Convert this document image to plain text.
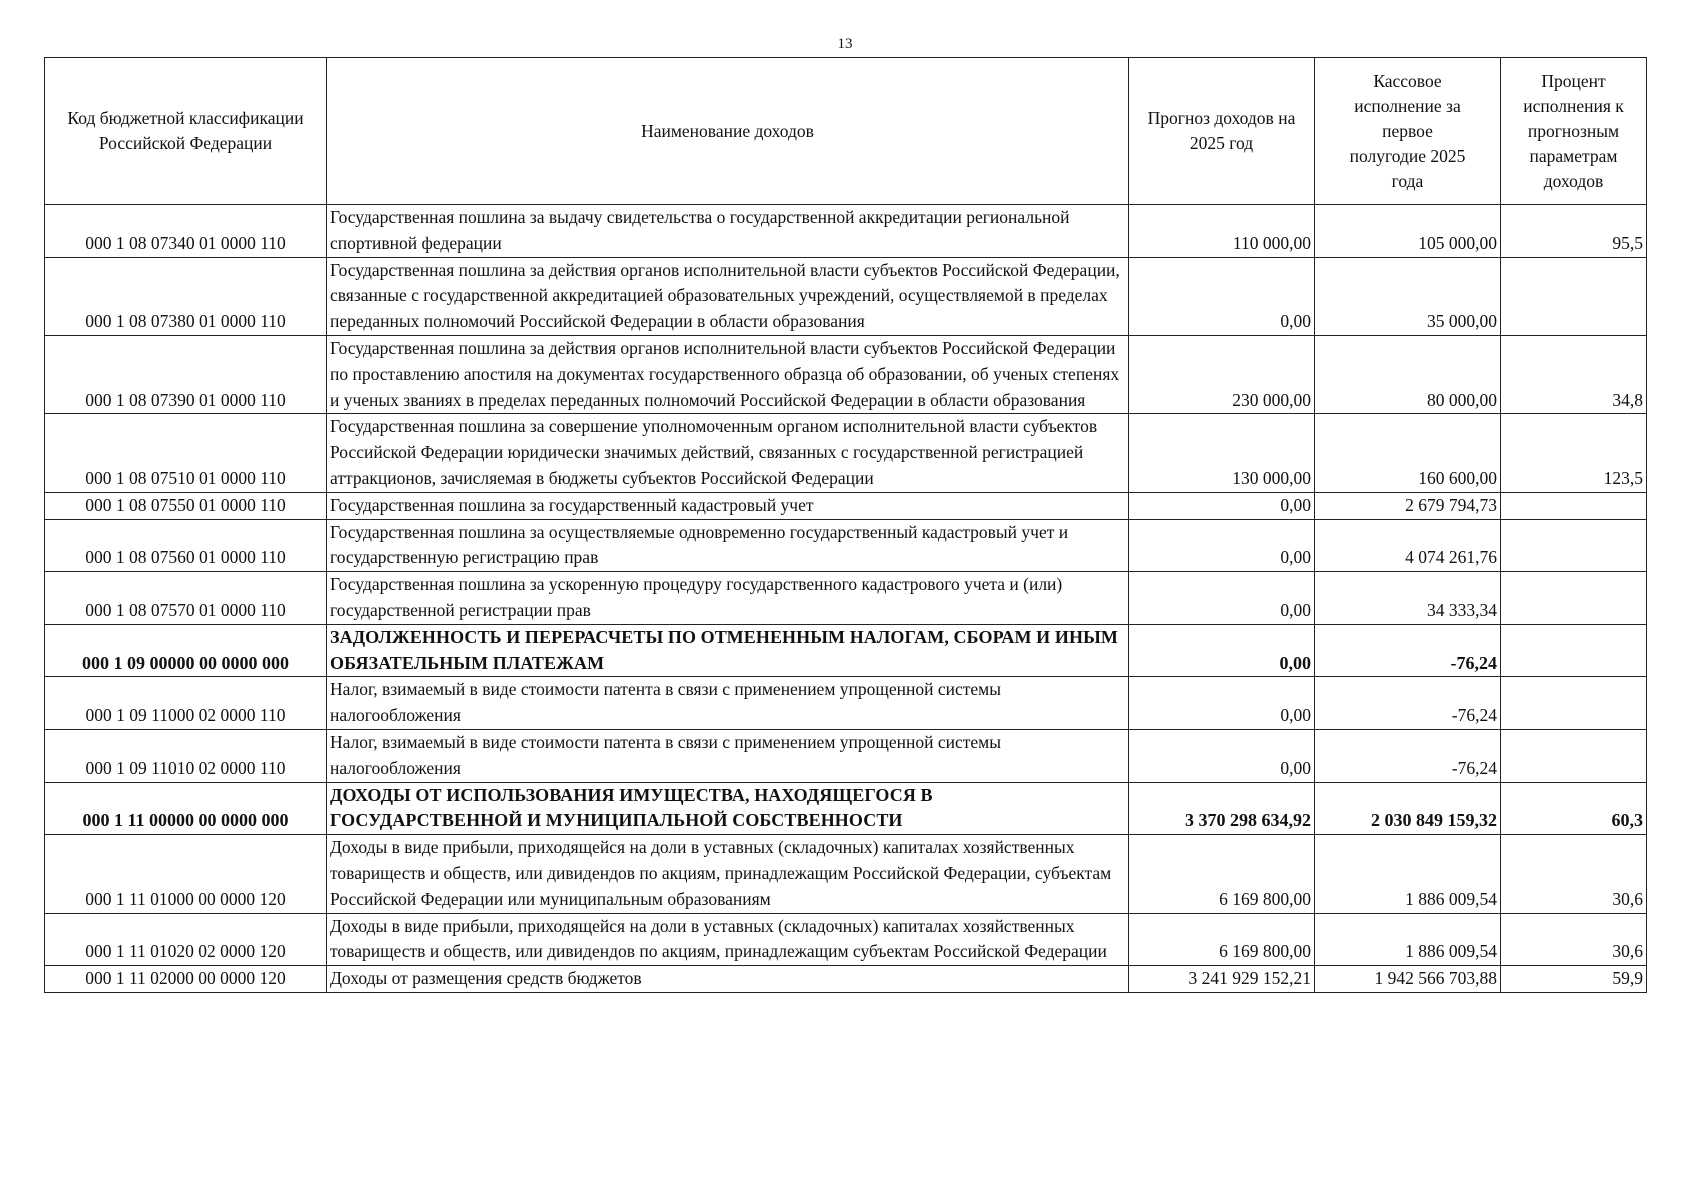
13
Код бюджетной классификации Российской Федерации	Наименование доходов	Прогноз доходов на 2025 год	Кассовое исполнение за первое полугодие 2025 года	Процент исполнения к прогнозным параметрам доходов
000 1 08 07340 01 0000 110	Государственная пошлина за выдачу свидетельства о государственной аккредитации региональной спортивной федерации	110 000,00	105 000,00	95,5
000 1 08 07380 01 0000 110	Государственная пошлина за действия органов исполнительной власти субъектов Российской Федерации, связанные с государственной аккредитацией образовательных учреждений, осуществляемой в пределах переданных полномочий Российской Федерации в области образования	0,00	35 000,00	
000 1 08 07390 01 0000 110	Государственная пошлина за действия органов исполнительной власти субъектов Российской Федерации по проставлению апостиля на документах государственного образца об образовании, об ученых степенях и ученых званиях в пределах переданных полномочий Российской Федерации в области образования	230 000,00	80 000,00	34,8
000 1 08 07510 01 0000 110	Государственная пошлина за совершение уполномоченным органом исполнительной власти субъектов Российской Федерации юридически значимых действий, связанных с государственной регистрацией аттракционов, зачисляемая в бюджеты субъектов Российской Федерации	130 000,00	160 600,00	123,5
000 1 08 07550 01 0000 110	Государственная пошлина за государственный кадастровый учет	0,00	2 679 794,73	
000 1 08 07560 01 0000 110	Государственная пошлина за осуществляемые одновременно государственный кадастровый учет и государственную регистрацию прав	0,00	4 074 261,76	
000 1 08 07570 01 0000 110	Государственная пошлина за ускоренную процедуру государственного кадастрового учета и (или) государственной регистрации прав	0,00	34 333,34	
000 1 09 00000 00 0000 000	ЗАДОЛЖЕННОСТЬ И ПЕРЕРАСЧЕТЫ ПО ОТМЕНЕННЫМ НАЛОГАМ, СБОРАМ И ИНЫМ ОБЯЗАТЕЛЬНЫМ ПЛАТЕЖАМ	0,00	-76,24	
000 1 09 11000 02 0000 110	Налог, взимаемый в виде стоимости патента в связи с применением упрощенной системы налогообложения	0,00	-76,24	
000 1 09 11010 02 0000 110	Налог, взимаемый в виде стоимости патента в связи с применением упрощенной системы налогообложения	0,00	-76,24	
000 1 11 00000 00 0000 000	ДОХОДЫ ОТ ИСПОЛЬЗОВАНИЯ ИМУЩЕСТВА, НАХОДЯЩЕГОСЯ В ГОСУДАРСТВЕННОЙ И МУНИЦИПАЛЬНОЙ СОБСТВЕННОСТИ	3 370 298 634,92	2 030 849 159,32	60,3
000 1 11 01000 00 0000 120	Доходы в виде прибыли, приходящейся на доли в уставных (складочных) капиталах хозяйственных товариществ и обществ, или дивидендов по акциям, принадлежащим Российской Федерации, субъектам Российской Федерации или муниципальным образованиям	6 169 800,00	1 886 009,54	30,6
000 1 11 01020 02 0000 120	Доходы в виде прибыли, приходящейся на доли в уставных (складочных) капиталах хозяйственных товариществ и обществ, или дивидендов по акциям, принадлежащим субъектам Российской Федерации	6 169 800,00	1 886 009,54	30,6
000 1 11 02000 00 0000 120	Доходы от размещения средств бюджетов	3 241 929 152,21	1 942 566 703,88	59,9
